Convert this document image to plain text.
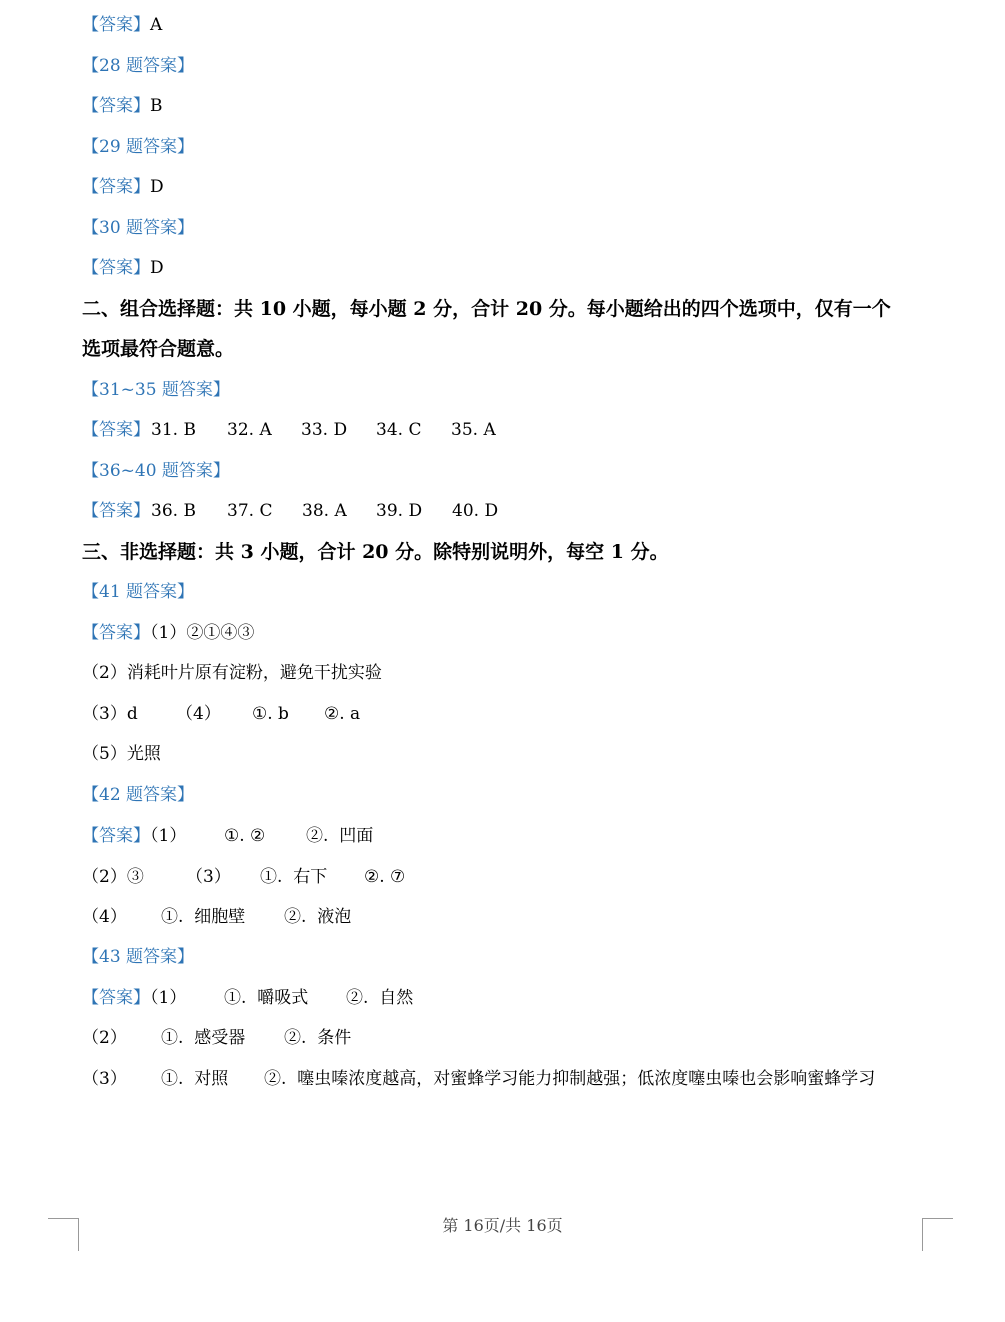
【答案】A
【28 题答案】
【答案】B
【29 题答案】
【答案】D
【30 题答案】
【答案】D
二、组合选择题：共 10 小题，每小题 2 分，合计 20 分。每小题给出的四个选项中，仅有一个
选项最符合题意。
【31~35 题答案】
【答案】 31. B 32. A 33. D 34. C 35. A
【36~40 题答案】
【答案】 36. B 37. C 38. A 39. D 40. D
三、非选择题：共 3 小题，合计 20 分。除特别说明外，每空 1 分。
【41 题答案】
【答案】（1）②①④③
（2）消耗叶片原有淀粉，避免干扰实验
（3）d （4） ①. b ②. a
（5）光照
【42 题答案】
【答案】（1） ①. ② ②.  凹面
（2）③ （3） ①.  右下 ②. ⑦
（4） ①.  细胞壁 ②.  液泡
【43 题答案】
【答案】（1） ①.  嚼吸式 ②.  自然
（2） ①.  感受器 ②.  条件
（3） ①.  对照 ②.  噻虫嗪浓度越高，对蜜蜂学习能力抑制越强；低浓度噻虫嗪也会影响蜜蜂学习
第 16页/共 16页
